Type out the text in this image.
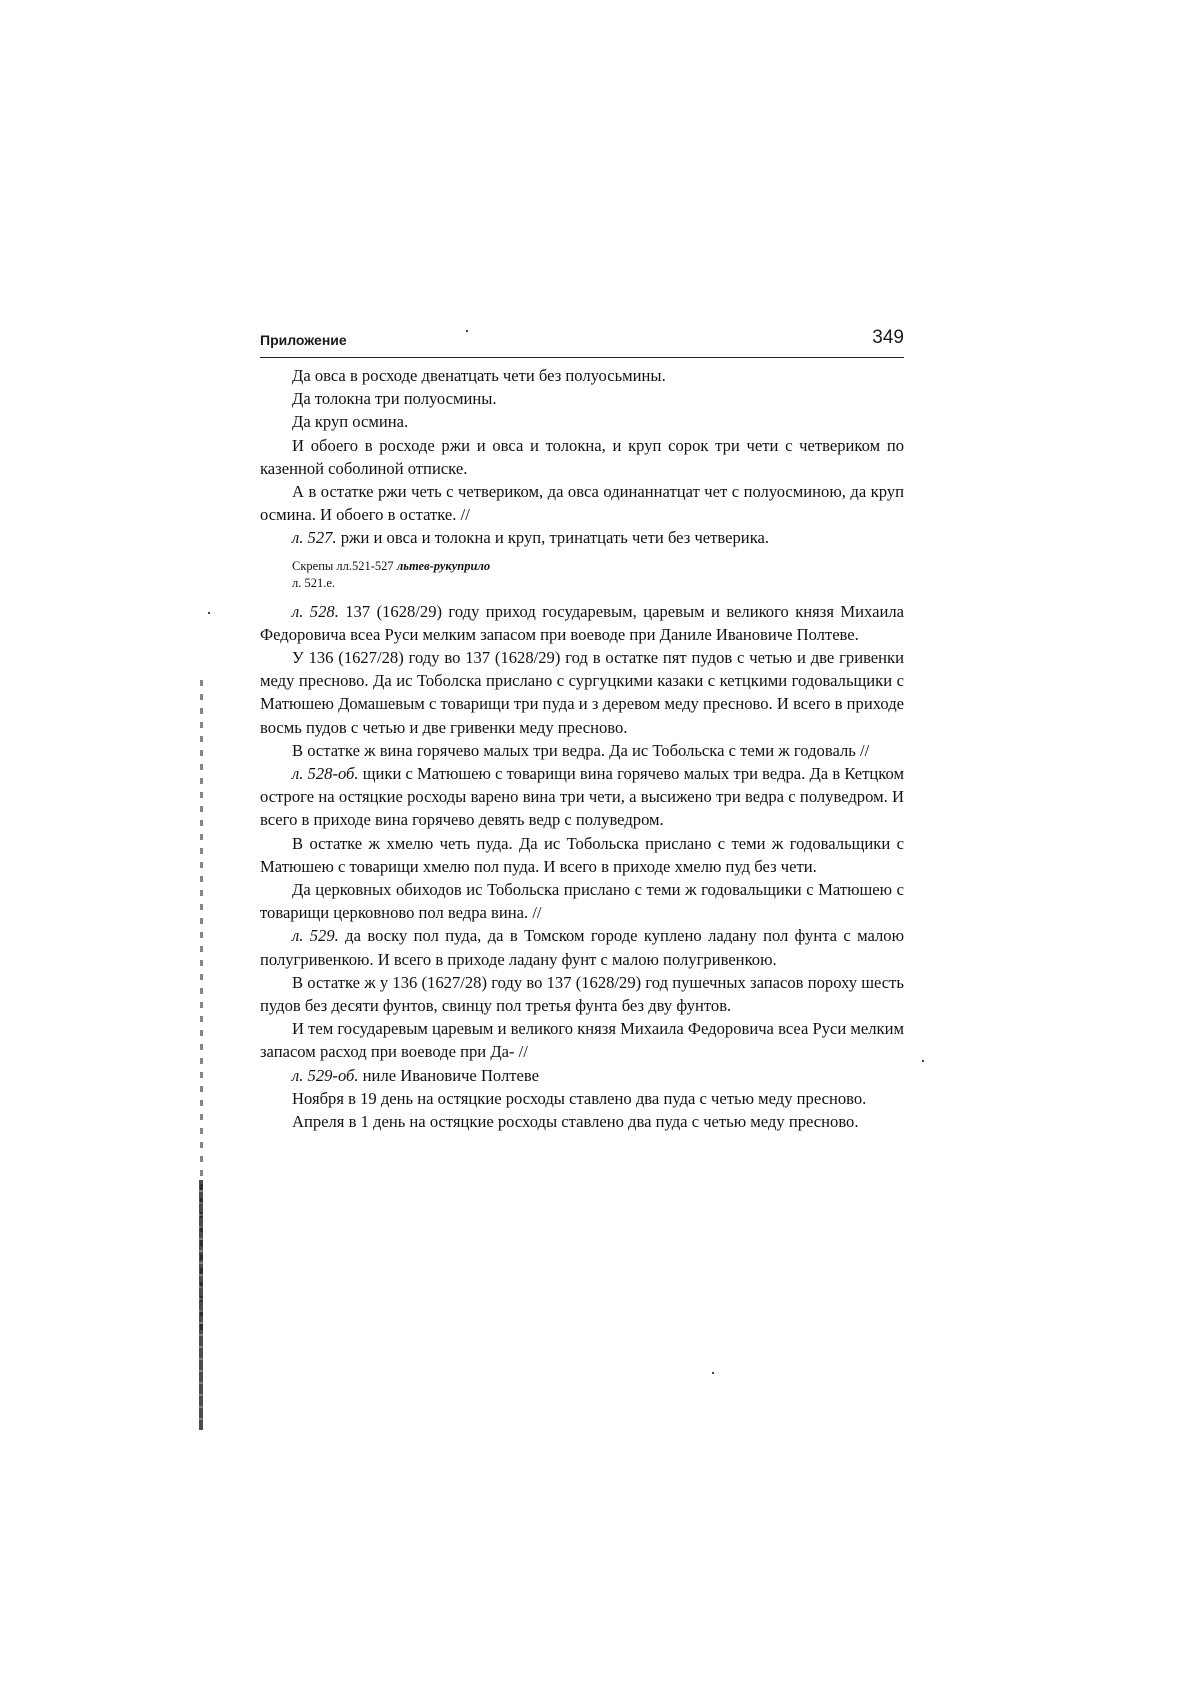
Приложение	349

Да овса в росходе двенатцать чети без полуосьмины.

Да толокна три полуосмины.

Да круп осмина.

И обоего в росходе ржи и овса и толокна, и круп сорок три чети с четвериком по казенной соболиной отписке.

А в остатке ржи четь с четвериком, да овса одинаннатцат чет с полуосминою, да круп осмина. И обоего в остатке. //

л. 527. ржи и овса и толокна и круп, тринатцать чети без четверика.

Скрепы лл.521-527 льтев-рукуприло
л. 521.е.

л. 528. 137 (1628/29) году приход государевым, царевым и великого князя Михаила Федоровича всеа Руси мелким запасом при воеводе при Даниле Ивановиче Полтеве.

У 136 (1627/28) году во 137 (1628/29) год в остатке пят пудов с четью и две гривенки меду пресново. Да ис Тоболска прислано с сургуцкими казаки с кетцкими годовальщики с Матюшею Домашевым с товарищи три пуда и з деревом меду пресново. И всего в приходе восмь пудов с четью и две гривенки меду пресново.

В остатке ж вина горячево малых три ведра. Да ис Тобольска с теми ж годоваль //

л. 528-об. щики с Матюшею с товарищи вина горячево малых три ведра. Да в Кетцком остроге на остяцкие росходы варено вина три чети, а высижено три ведра с полуведром. И всего в приходе вина горячево девять ведр с полуведром.

В остатке ж хмелю четь пуда. Да ис Тобольска прислано с теми ж годовальщики с Матюшею с товарищи хмелю пол пуда. И всего в приходе хмелю пуд без чети.

Да церковных обиходов ис Тобольска прислано с теми ж годовальщики с Матюшею с товарищи церковново пол ведра вина. //

л. 529. да воску пол пуда, да в Томском городе куплено ладану пол фунта с малою полугривенкою. И всего в приходе ладану фунт с малою полугривенкою.

В остатке ж у 136 (1627/28) году во 137 (1628/29) год пушечных запасов пороху шесть пудов без десяти фунтов, свинцу пол третья фунта без дву фунтов.

И тем государевым царевым и великого князя Михаила Федоровича всеа Руси мелким запасом расход при воеводе при Да- //

л. 529-об. ниле Ивановиче Полтеве

Ноября в 19 день на остяцкие росходы ставлено два пуда с четью меду пресново.

Апреля в 1 день на остяцкие росходы ставлено два пуда с четью меду пресново.
